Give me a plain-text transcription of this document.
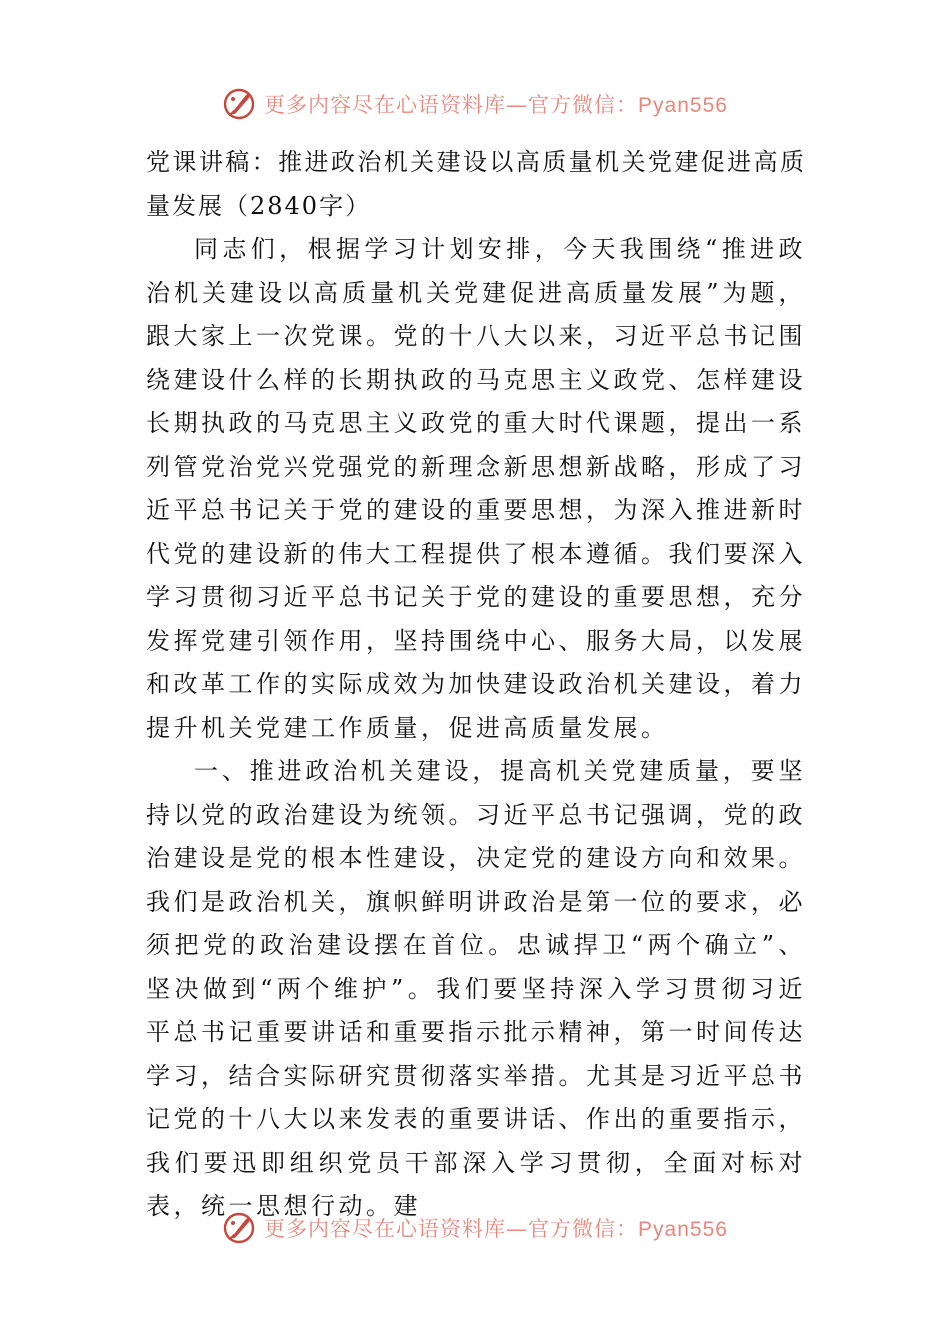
更多内容尽在心语资料库—官方微信：Pyan556
党课讲稿：推进政治机关建设以高质量机关党建促进高质量发展（2840字）

同志们，根据学习计划安排，今天我围绕“推进政治机关建设以高质量机关党建促进高质量发展”为题，跟大家上一次党课。党的十八大以来，习近平总书记围绕建设什么样的长期执政的马克思主义政党、怎样建设长期执政的马克思主义政党的重大时代课题，提出一系列管党治党兴党强党的新理念新思想新战略，形成了习近平总书记关于党的建设的重要思想，为深入推进新时代党的建设新的伟大工程提供了根本遵循。我们要深入学习贯彻习近平总书记关于党的建设的重要思想，充分发挥党建引领作用，坚持围绕中心、服务大局，以发展和改革工作的实际成效为加快建设政治机关建设，着力提升机关党建工作质量，促进高质量发展。

一、推进政治机关建设，提高机关党建质量，要坚持以党的政治建设为统领。习近平总书记强调，党的政治建设是党的根本性建设，决定党的建设方向和效果。我们是政治机关，旗帜鲜明讲政治是第一位的要求，必须把党的政治建设摆在首位。忠诚捍卫“两个确立”、坚决做到“两个维护”。我们要坚持深入学习贯彻习近平总书记重要讲话和重要指示批示精神，第一时间传达学习，结合实际研究贯彻落实举措。尤其是习近平总书记党的十八大以来发表的重要讲话、作出的重要指示，我们要迅即组织党员干部深入学习贯彻，全面对标对表，统一思想行动。建

更多内容尽在心语资料库—官方微信：Pyan556
